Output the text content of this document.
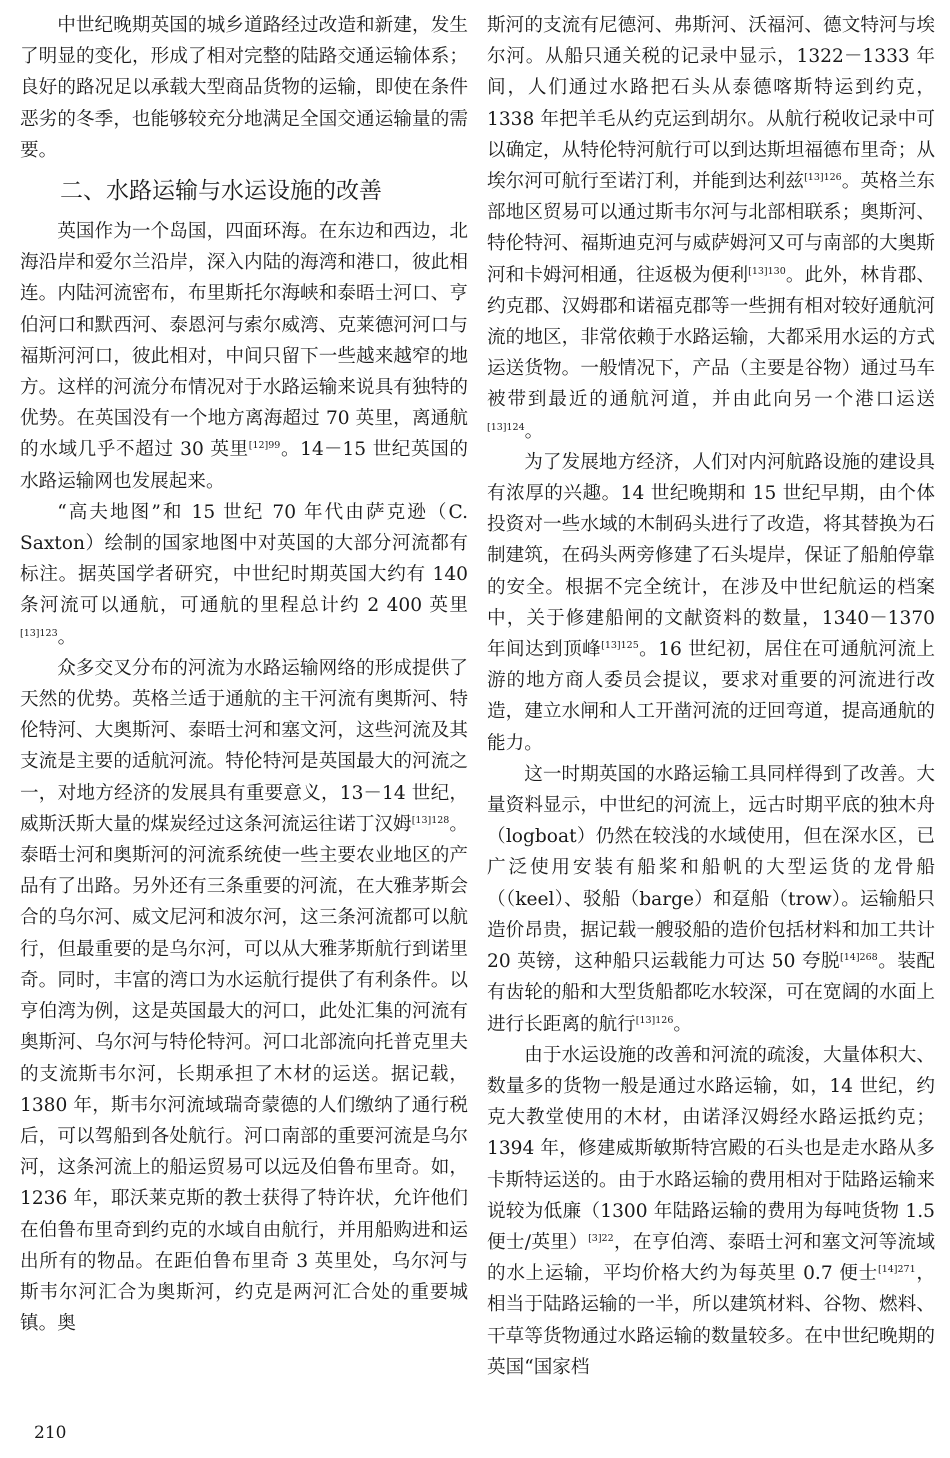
中世纪晚期英国的城乡道路经过改造和新建，发生了明显的变化，形成了相对完整的陆路交通运输体系；良好的路况足以承载大型商品货物的运输，即使在条件恶劣的冬季，也能够较充分地满足全国交通运输量的需要。

二、水路运输与水运设施的改善

英国作为一个岛国，四面环海。在东边和西边，北海沿岸和爱尔兰沿岸，深入内陆的海湾和港口，彼此相连。内陆河流密布，布里斯托尔海峡和泰晤士河口、亨伯河口和默西河、泰恩河与索尔威湾、克莱德河河口与福斯河河口，彼此相对，中间只留下一些越来越窄的地方。这样的河流分布情况对于水路运输来说具有独特的优势。在英国没有一个地方离海超过 70 英里，离通航的水域几乎不超过 30 英里$^{[12]99}$。14－15 世纪英国的水路运输网也发展起来。

“高夫地图”和 15 世纪 70 年代由萨克逊（C. Saxton）绘制的国家地图中对英国的大部分河流都有标注。据英国学者研究，中世纪时期英国大约有 140 条河流可以通航，可通航的里程总计约 2 400 英里$^{[13]123}$。

众多交叉分布的河流为水路运输网络的形成提供了天然的优势。英格兰适于通航的主干河流有奥斯河、特伦特河、大奥斯河、泰晤士河和塞文河，这些河流及其支流是主要的适航河流。特伦特河是英国最大的河流之一，对地方经济的发展具有重要意义，13－14 世纪，威斯沃斯大量的煤炭经过这条河流运往诺丁汉姆$^{[13]128}$。泰晤士河和奥斯河的河流系统使一些主要农业地区的产品有了出路。另外还有三条重要的河流，在大雅茅斯会合的乌尔河、威文尼河和波尔河，这三条河流都可以航行，但最重要的是乌尔河，可以从大雅茅斯航行到诺里奇。同时，丰富的湾口为水运航行提供了有利条件。以亨伯湾为例，这是英国最大的河口，此处汇集的河流有奥斯河、乌尔河与特伦特河。河口北部流向托普克里夫的支流斯韦尔河，长期承担了木材的运送。据记载，1380 年，斯韦尔河流域瑞奇蒙德的人们缴纳了通行税后，可以驾船到各处航行。河口南部的重要河流是乌尔河，这条河流上的船运贸易可以远及伯鲁布里奇。如，1236 年，耶沃莱克斯的教士获得了特许状，允许他们在伯鲁布里奇到约克的水域自由航行，并用船购进和运出所有的物品。在距伯鲁布里奇 3 英里处，乌尔河与斯韦尔河汇合为奥斯河，约克是两河汇合处的重要城镇。奥

斯河的支流有尼德河、弗斯河、沃福河、德文特河与埃尔河。从船只通关税的记录中显示，1322－1333 年间，人们通过水路把石头从泰德喀斯特运到约克，1338 年把羊毛从约克运到胡尔。从航行税收记录中可以确定，从特伦特河航行可以到达斯坦福德布里奇；从埃尔河可航行至诺汀利，并能到达利兹$^{[13]126}$。英格兰东部地区贸易可以通过斯韦尔河与北部相联系；奥斯河、特伦特河、福斯迪克河与威萨姆河又可与南部的大奥斯河和卡姆河相通，往返极为便利$^{[13]130}$。此外，林肯郡、约克郡、汉姆郡和诺福克郡等一些拥有相对较好通航河流的地区，非常依赖于水路运输，大都采用水运的方式运送货物。一般情况下，产品（主要是谷物）通过马车被带到最近的通航河道，并由此向另一个港口运送$^{[13]124}$。

为了发展地方经济，人们对内河航路设施的建设具有浓厚的兴趣。14 世纪晚期和 15 世纪早期，由个体投资对一些水域的木制码头进行了改造，将其替换为石制建筑，在码头两旁修建了石头堤岸，保证了船舶停靠的安全。根据不完全统计，在涉及中世纪航运的档案中，关于修建船闸的文献资料的数量，1340－1370 年间达到顶峰$^{[13]125}$。16 世纪初，居住在可通航河流上游的地方商人委员会提议，要求对重要的河流进行改造，建立水闸和人工开凿河流的迂回弯道，提高通航的能力。

这一时期英国的水路运输工具同样得到了改善。大量资料显示，中世纪的河流上，远古时期平底的独木舟（logboat）仍然在较浅的水域使用，但在深水区，已广泛使用安装有船桨和船帆的大型运货的龙骨船（（keel）、驳船（barge）和趸船（trow）。运输船只造价昂贵，据记载一艘驳船的造价包括材料和加工共计 20 英镑，这种船只运载能力可达 50 夸脱$^{[14]268}$。装配有齿轮的船和大型货船都吃水较深，可在宽阔的水面上进行长距离的航行$^{[13]126}$。

由于水运设施的改善和河流的疏浚，大量体积大、数量多的货物一般是通过水路运输，如，14 世纪，约克大教堂使用的木材，由诺泽汉姆经水路运抵约克；1394 年，修建威斯敏斯特宫殿的石头也是走水路从多卡斯特运送的。由于水路运输的费用相对于陆路运输来说较为低廉（1300 年陆路运输的费用为每吨货物 1.5 便士/英里）$^{[3]22}$，在亨伯湾、泰晤士河和塞文河等流域的水上运输，平均价格大约为每英里 0.7 便士$^{[14]271}$，相当于陆路运输的一半，所以建筑材料、谷物、燃料、干草等货物通过水路运输的数量较多。在中世纪晚期的英国“国家档

210
